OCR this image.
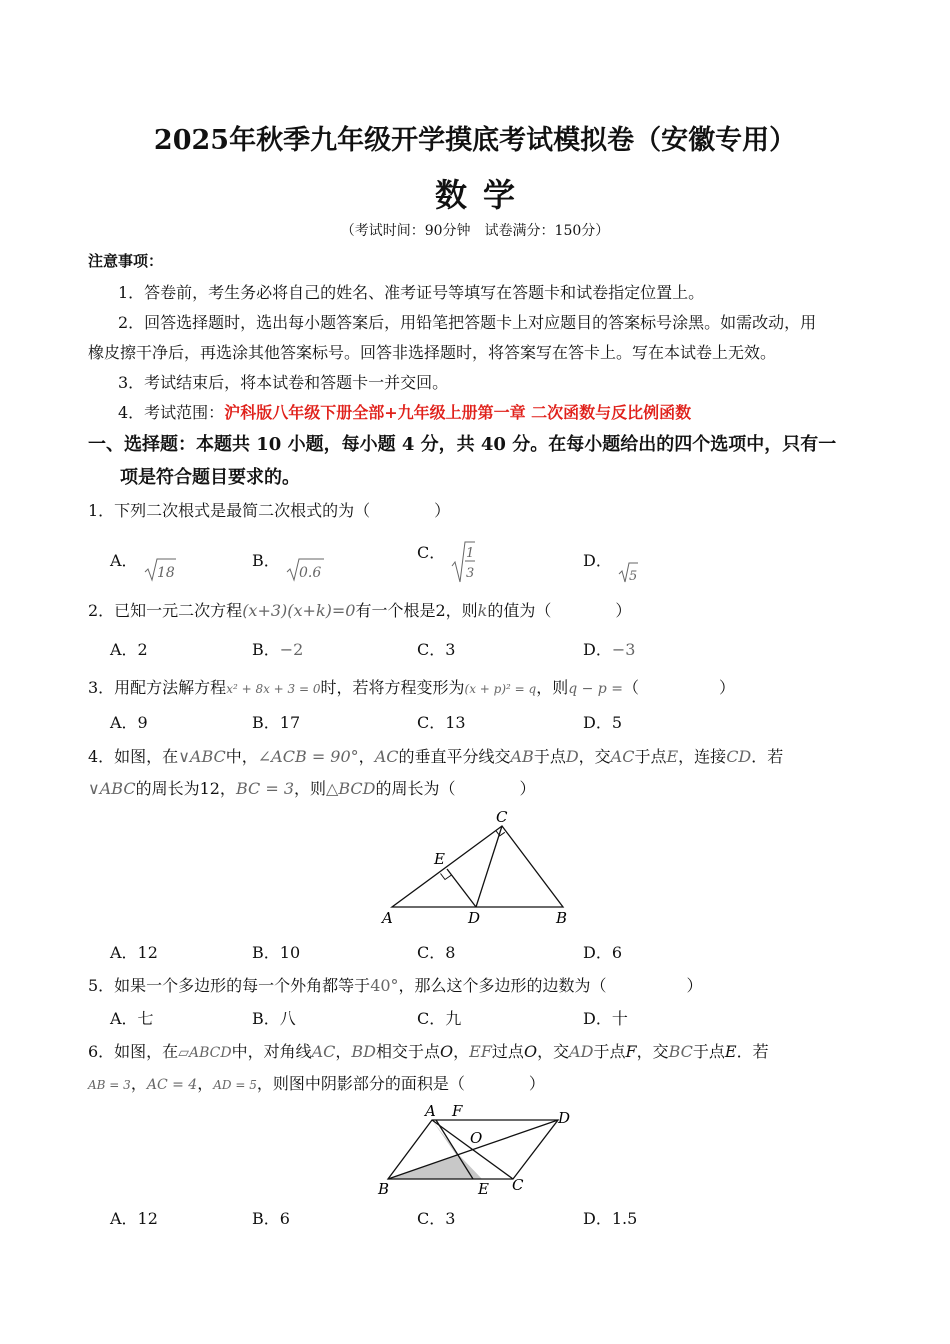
2025年秋季九年级开学摸底考试模拟卷（安徽专用）
数学
（考试时间：90分钟　试卷满分：150分）
注意事项：
1．答卷前，考生务必将自己的姓名、准考证号等填写在答题卡和试卷指定位置上。
2．回答选择题时，选出每小题答案后，用铅笔把答题卡上对应题目的答案标号涂黑。如需改动，用
橡皮擦干净后，再选涂其他答案标号。回答非选择题时，将答案写在答卡上。写在本试卷上无效。
3．考试结束后，将本试卷和答题卡一并交回。
4．考试范围：沪科版八年级下册全部+九年级上册第一章 二次函数与反比例函数
一、选择题：本题共 10 小题，每小题 4 分，共 40 分。在每小题给出的四个选项中，只有一
项是符合题目要求的。
1．下列二次根式是最简二次根式的为（　　　　）
A．
18
B．
0.6
C． 1
3
D．
5
2．已知一元二次方程(x+3)(x+k)=0有一个根是2，则k的值为（　　　　）
A．2	B．−2	C．3	D．−3
3．用配方法解方程x² + 8x + 3 = 0时，若将方程变形为(x + p)² = q，则q − p =（　　　　　）
A．9	B．17	C．13	D．5
4．如图，在∨ABC中，∠ACB = 90°，AC的垂直平分线交AB于点D，交AC于点E，连接CD．若
∨ABC的周长为12，BC = 3，则△BCD的周长为（　　　　）
A	B
C
D
E
A．12	B．10	C．8	D．6
5．如果一个多边形的每一个外角都等于40°，那么这个多边形的边数为（　　　　　）
A．七	B．八	C．九	D．十
6．如图，在▱ABCD中，对角线AC，BD相交于点O，EF过点O，交AD于点F，交BC于点E．若
AB = 3，AC = 4，AD = 5，则图中阴影部分的面积是（　　　　）
A F	D
O
B	E C
A．12	B．6	C．3	D．1.5
